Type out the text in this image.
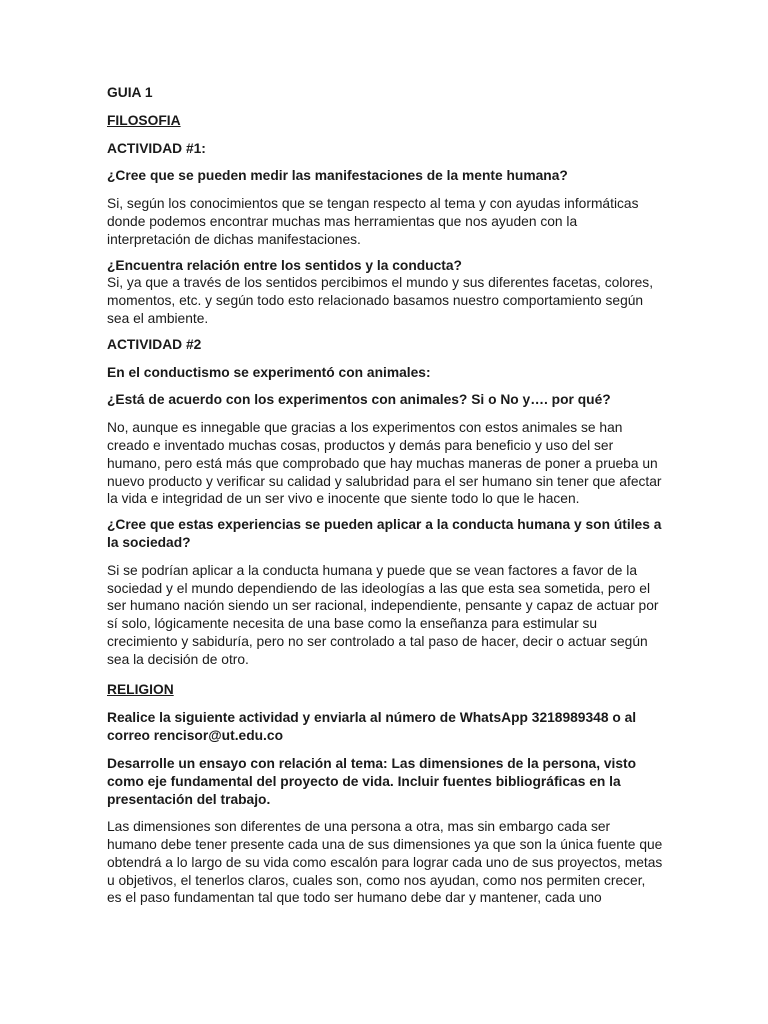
GUIA 1

FILOSOFIA

ACTIVIDAD #1:

¿Cree que se pueden medir las manifestaciones de la mente humana?

Si, según los conocimientos que se tengan respecto al tema y con ayudas informáticas donde podemos encontrar muchas mas herramientas que nos ayuden con la interpretación de dichas manifestaciones.

¿Encuentra relación entre los sentidos y la conducta?

Si, ya que a través de los sentidos percibimos el mundo y sus diferentes facetas, colores, momentos, etc. y según todo esto relacionado basamos nuestro comportamiento según sea el ambiente.

ACTIVIDAD #2

En el conductismo se experimentó con animales:

¿Está de acuerdo con los experimentos con animales? Si o No y…. por qué?

No, aunque es innegable que gracias a los experimentos con estos animales se han creado e inventado muchas cosas, productos y demás para beneficio y uso del ser humano, pero está más que comprobado que hay muchas maneras de poner a prueba un nuevo producto y verificar su calidad y salubridad para el ser humano sin tener que afectar la vida e integridad de un ser vivo e inocente que siente todo lo que le hacen.

¿Cree que estas experiencias se pueden aplicar a la conducta humana y son útiles a la sociedad?

Si se podrían aplicar a la conducta humana y puede que se vean factores a favor de la sociedad y el mundo dependiendo de las ideologías a las que esta sea sometida, pero el ser humano nación siendo un ser racional, independiente, pensante y capaz de actuar por sí solo, lógicamente necesita de una base como la enseñanza para estimular su crecimiento y sabiduría, pero no ser controlado a tal paso de hacer, decir o actuar según sea la decisión de otro.

RELIGION

Realice la siguiente actividad y enviarla al número de WhatsApp 3218989348 o al correo rencisor@ut.edu.co

Desarrolle un ensayo con relación al tema: Las dimensiones de la persona, visto como eje fundamental del proyecto de vida. Incluir fuentes bibliográficas en la presentación del trabajo.

Las dimensiones son diferentes de una persona a otra, mas sin embargo cada ser humano debe tener presente cada una de sus dimensiones ya que son la única fuente que obtendrá a lo largo de su vida como escalón para lograr cada uno de sus proyectos, metas u objetivos, el tenerlos claros, cuales son, como nos ayudan, como nos permiten crecer, es el paso fundamentan tal que todo ser humano debe dar y mantener, cada uno
